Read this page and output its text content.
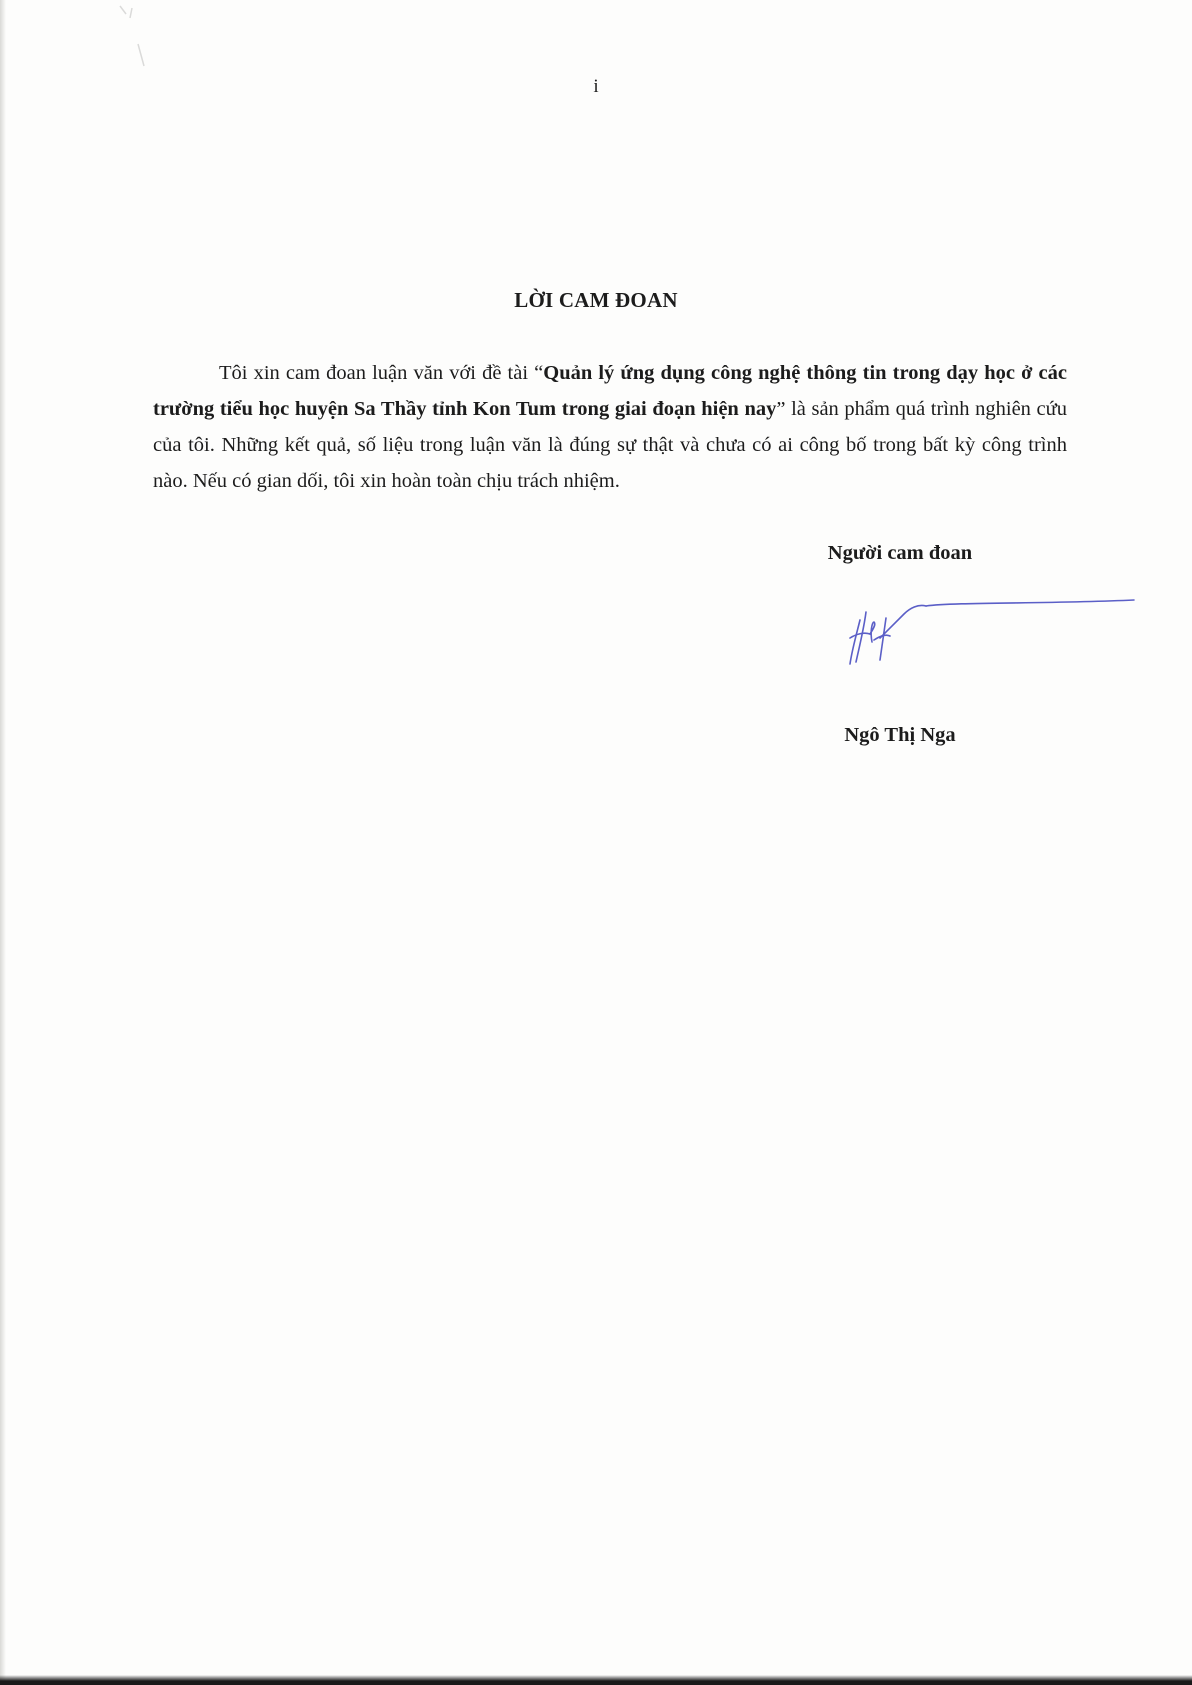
i
LỜI CAM ĐOAN

Tôi xin cam đoan luận văn với đề tài “Quản lý ứng dụng công nghệ thông tin trong dạy học ở các trường tiểu học huyện Sa Thầy tỉnh Kon Tum trong giai đoạn hiện nay” là sản phẩm quá trình nghiên cứu của tôi. Những kết quả, số liệu trong luận văn là đúng sự thật và chưa có ai công bố trong bất kỳ công trình nào. Nếu có gian dối, tôi xin hoàn toàn chịu trách nhiệm.

Người cam đoan
Ngô Thị Nga
